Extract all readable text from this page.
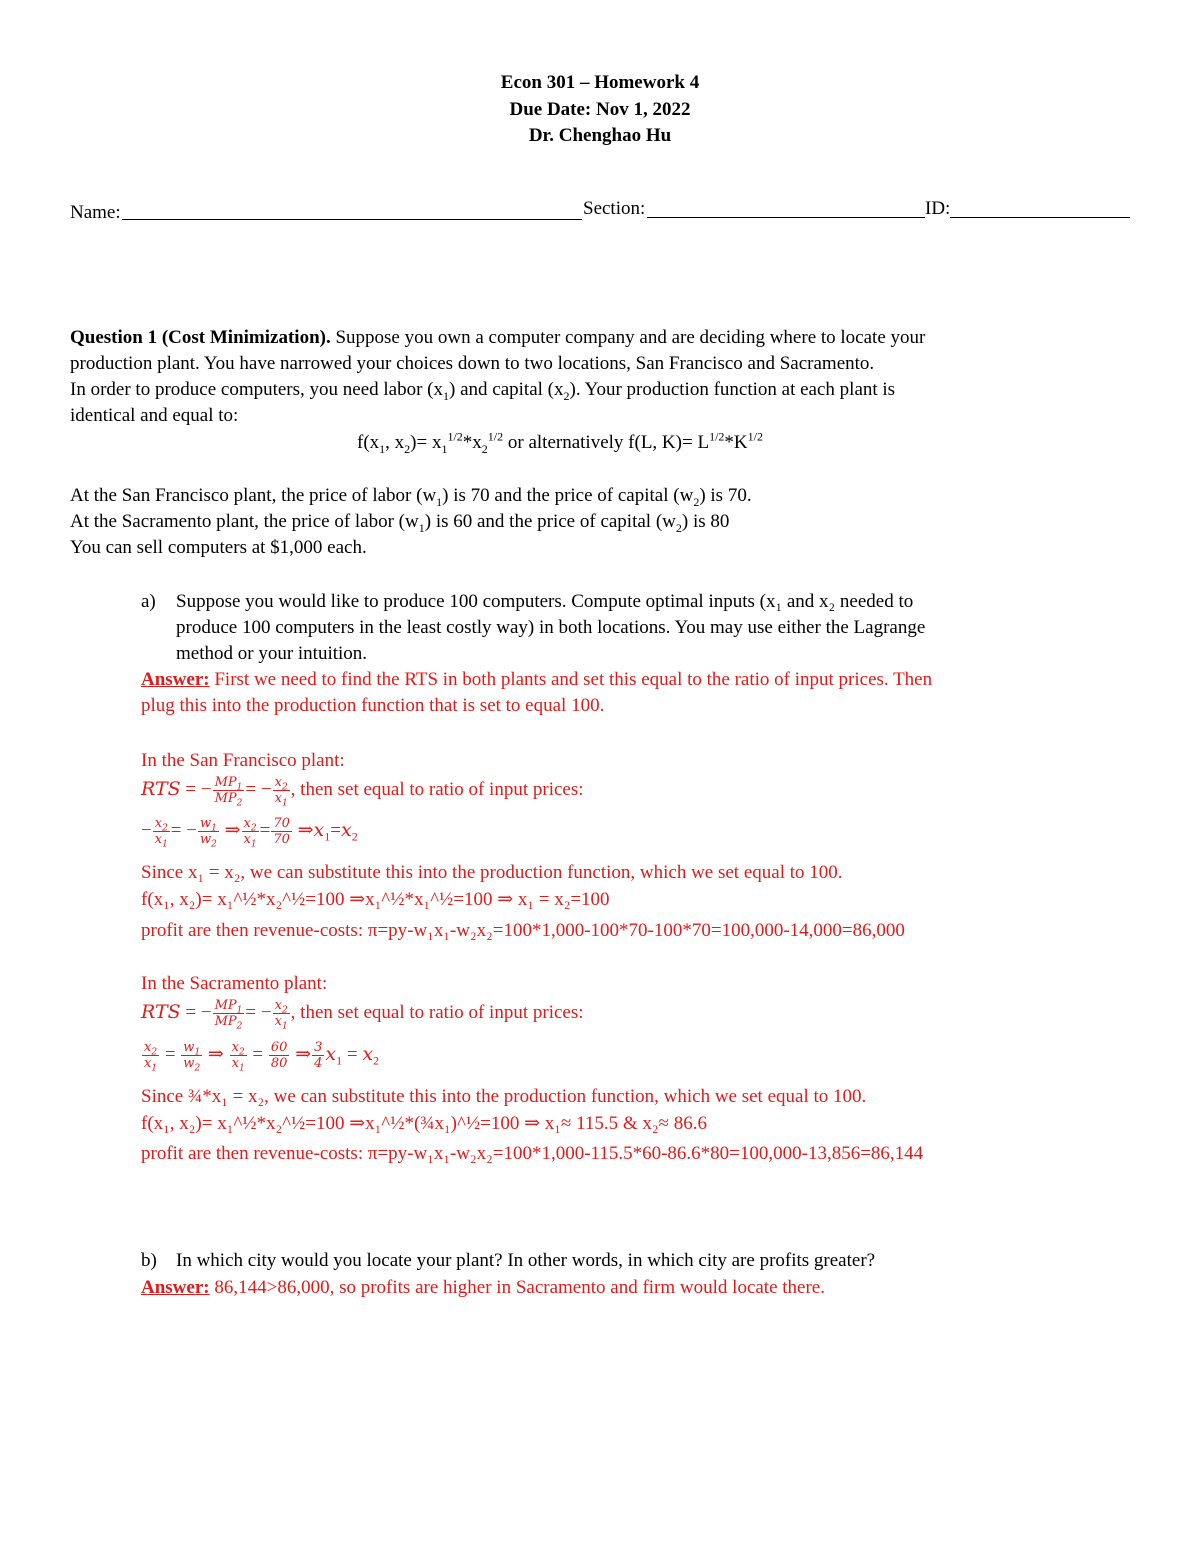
Econ 301 – Homework 4
Due Date: Nov 1, 2022
Dr. Chenghao Hu
Name:	Section:	ID:
Question 1 (Cost Minimization). Suppose you own a computer company and are deciding where to locate your
production plant. You have narrowed your choices down to two locations, San Francisco and Sacramento.
In order to produce computers, you need labor $(x_1)$ and capital $(x_2)$. Your production function at each plant is
identical and equal to:
$f(x_1$, $x_2)= x_1^{1/2}*x_2^{1/2}$ or alternatively f(L, $K)= L^{1/2}*K^{1/2}$
At the San Francisco plant, the price of labor $(w_1)$ is 70 and the price of capital $(w_2)$ is 70.
At the Sacramento plant, the price of labor $(w_1)$ is 60 and the price of capital $(w_2)$ is 80
You can sell computers at $1,000 each.
a) Suppose you would like to produce 100 computers. Compute optimal inputs (x₁ and x₂ needed to
produce 100 computers in the least costly way) in both locations. You may use either the Lagrange
method or your intuition.
Answer: First we need to find the RTS in both plants and set this equal to the ratio of input prices. Then
plug this into the production function that is set to equal 100.
In the San Francisco plant:
RTS = − $\frac{MP_1}{MP_2}$ = − $\frac{x_2}{x_1}$ , then set equal to ratio of input prices:
− $\frac{x_2}{x_1}$ = − $\frac{w_1}{w_2}$ ⇒ $\frac{x_2}{x_1} = \frac{70}{70}$ $\Rightarrow x_1=x_2$
Since x₁ = x₂, we can substitute this into the production function, which we set equal to 100.
f(x₁, x₂)= x₁^½*x₂^½=100 ⇒x₁^½*x₁^½=100 ⇒ x₁ = x₂=100
profit are then revenue-costs: π=py-w₁x₁-w₂x₂=100*1,000-100*70-100*70=100,000-14,000=86,000
In the Sacramento plant:
RTS = − $\frac{MP_1}{MP_2}$ = − $\frac{x_2}{x_1}$ , then set equal to ratio of input prices:
$\frac{x_2}{x_1} = \frac{w_1}{w_2}$ ⇒ $\frac{x_2}{x_1} = \frac{60}{80}$ ⇒ $\frac{3}{4} x_1 = x_2$
Since ¾*x₁ = x₂, we can substitute this into the production function, which we set equal to 100.
f(x₁, x₂)= x₁^½*x₂^½=100 ⇒x₁^½*(¾x₁)^½=100 ⇒ x₁≈ 115.5 & x₂≈ 86.6
profit are then revenue-costs: π=py-w₁x₁-w₂x₂=100*1,000-115.5*60-86.6*80=100,000-13,856=86,144
b) In which city would you locate your plant? In other words, in which city are profits greater?
Answer: 86,144>86,000, so profits are higher in Sacramento and firm would locate there.
